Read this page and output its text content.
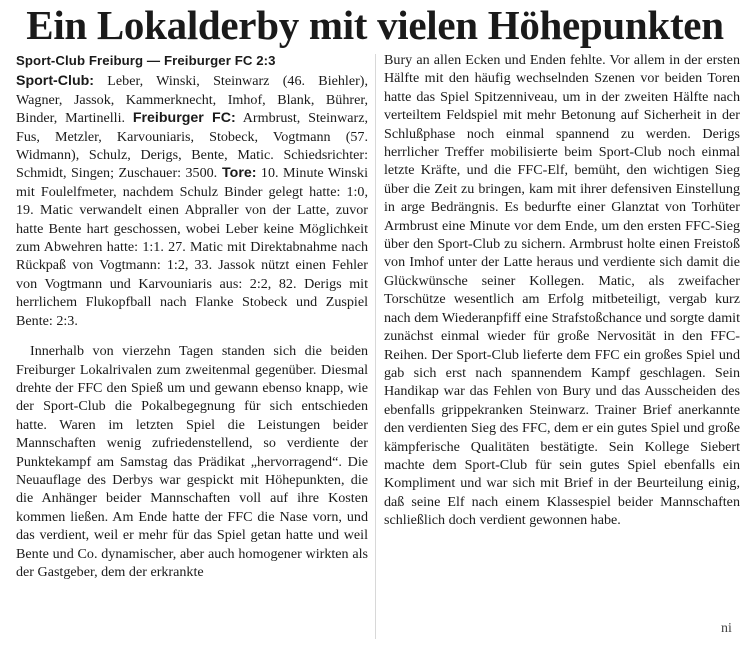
Ein Lokalderby mit vielen Höhepunkten

Sport-Club Freiburg — Freiburger FC 2:3

Sport-Club: Leber, Winski, Steinwarz (46. Biehler), Wagner, Jassok, Kammerknecht, Imhof, Blank, Bührer, Binder, Martinelli. Freiburger FC: Armbrust, Steinwarz, Fus, Metzler, Karvouniaris, Stobeck, Vogtmann (57. Widmann), Schulz, Derigs, Bente, Matic. Schiedsrichter: Schmidt, Singen; Zuschauer: 3500. Tore: 10. Minute Winski mit Foulelfmeter, nachdem Schulz Binder gelegt hatte: 1:0, 19. Matic verwandelt einen Abpraller von der Latte, zuvor hatte Bente hart geschossen, wobei Leber keine Möglichkeit zum Abwehren hatte: 1:1. 27. Matic mit Direktabnahme nach Rückpaß von Vogtmann: 1:2, 33. Jassok nützt einen Fehler von Vogtmann und Karvouniaris aus: 2:2, 82. Derigs mit herrlichem Flukopfball nach Flanke Stobeck und Zuspiel Bente: 2:3.

Innerhalb von vierzehn Tagen standen sich die beiden Freiburger Lokalrivalen zum zweitenmal gegenüber. Diesmal drehte der FFC den Spieß um und gewann ebenso knapp, wie der Sport-Club die Pokalbegegnung für sich entschieden hatte. Waren im letzten Spiel die Leistungen beider Mannschaften wenig zufriedenstellend, so verdiente der Punktekampf am Samstag das Prädikat „hervorragend“. Die Neuauflage des Derbys war gespickt mit Höhepunkten, die die Anhänger beider Mannschaften voll auf ihre Kosten kommen ließen. Am Ende hatte der FFC die Nase vorn, und das verdient, weil er mehr für das Spiel getan hatte und weil Bente und Co. dynamischer, aber auch homogener wirkten als der Gastgeber, dem der erkrankte

Bury an allen Ecken und Enden fehlte. Vor allem in der ersten Hälfte mit den häufig wechselnden Szenen vor beiden Toren hatte das Spiel Spitzenniveau, um in der zweiten Hälfte nach verteiltem Feldspiel mit mehr Betonung auf Sicherheit in der Schlußphase noch einmal spannend zu werden. Derigs herrlicher Treffer mobilisierte beim Sport-Club noch einmal letzte Kräfte, und die FFC-Elf, bemüht, den wichtigen Sieg über die Zeit zu bringen, kam mit ihrer defensiven Einstellung in arge Bedrängnis. Es bedurfte einer Glanztat von Torhüter Armbrust eine Minute vor dem Ende, um den ersten FFC-Sieg über den Sport-Club zu sichern. Armbrust holte einen Freistoß von Imhof unter der Latte heraus und verdiente sich damit die Glückwünsche seiner Kollegen. Matic, als zweifacher Torschütze wesentlich am Erfolg mitbeteiligt, vergab kurz nach dem Wiederanpfiff eine Strafstoßchance und sorgte damit zunächst einmal wieder für große Nervosität in den FFC-Reihen. Der Sport-Club lieferte dem FFC ein großes Spiel und gab sich erst nach spannendem Kampf geschlagen. Sein Handikap war das Fehlen von Bury und das Ausscheiden des ebenfalls grippekranken Steinwarz. Trainer Brief anerkannte den verdienten Sieg des FFC, dem er ein gutes Spiel und große kämpferische Qualitäten bestätigte. Sein Kollege Siebert machte dem Sport-Club für sein gutes Spiel ebenfalls ein Kompliment und war sich mit Brief in der Beurteilung einig, daß seine Elf nach einem Klassespiel beider Mannschaften schließlich doch verdient gewonnen habe.

ni
